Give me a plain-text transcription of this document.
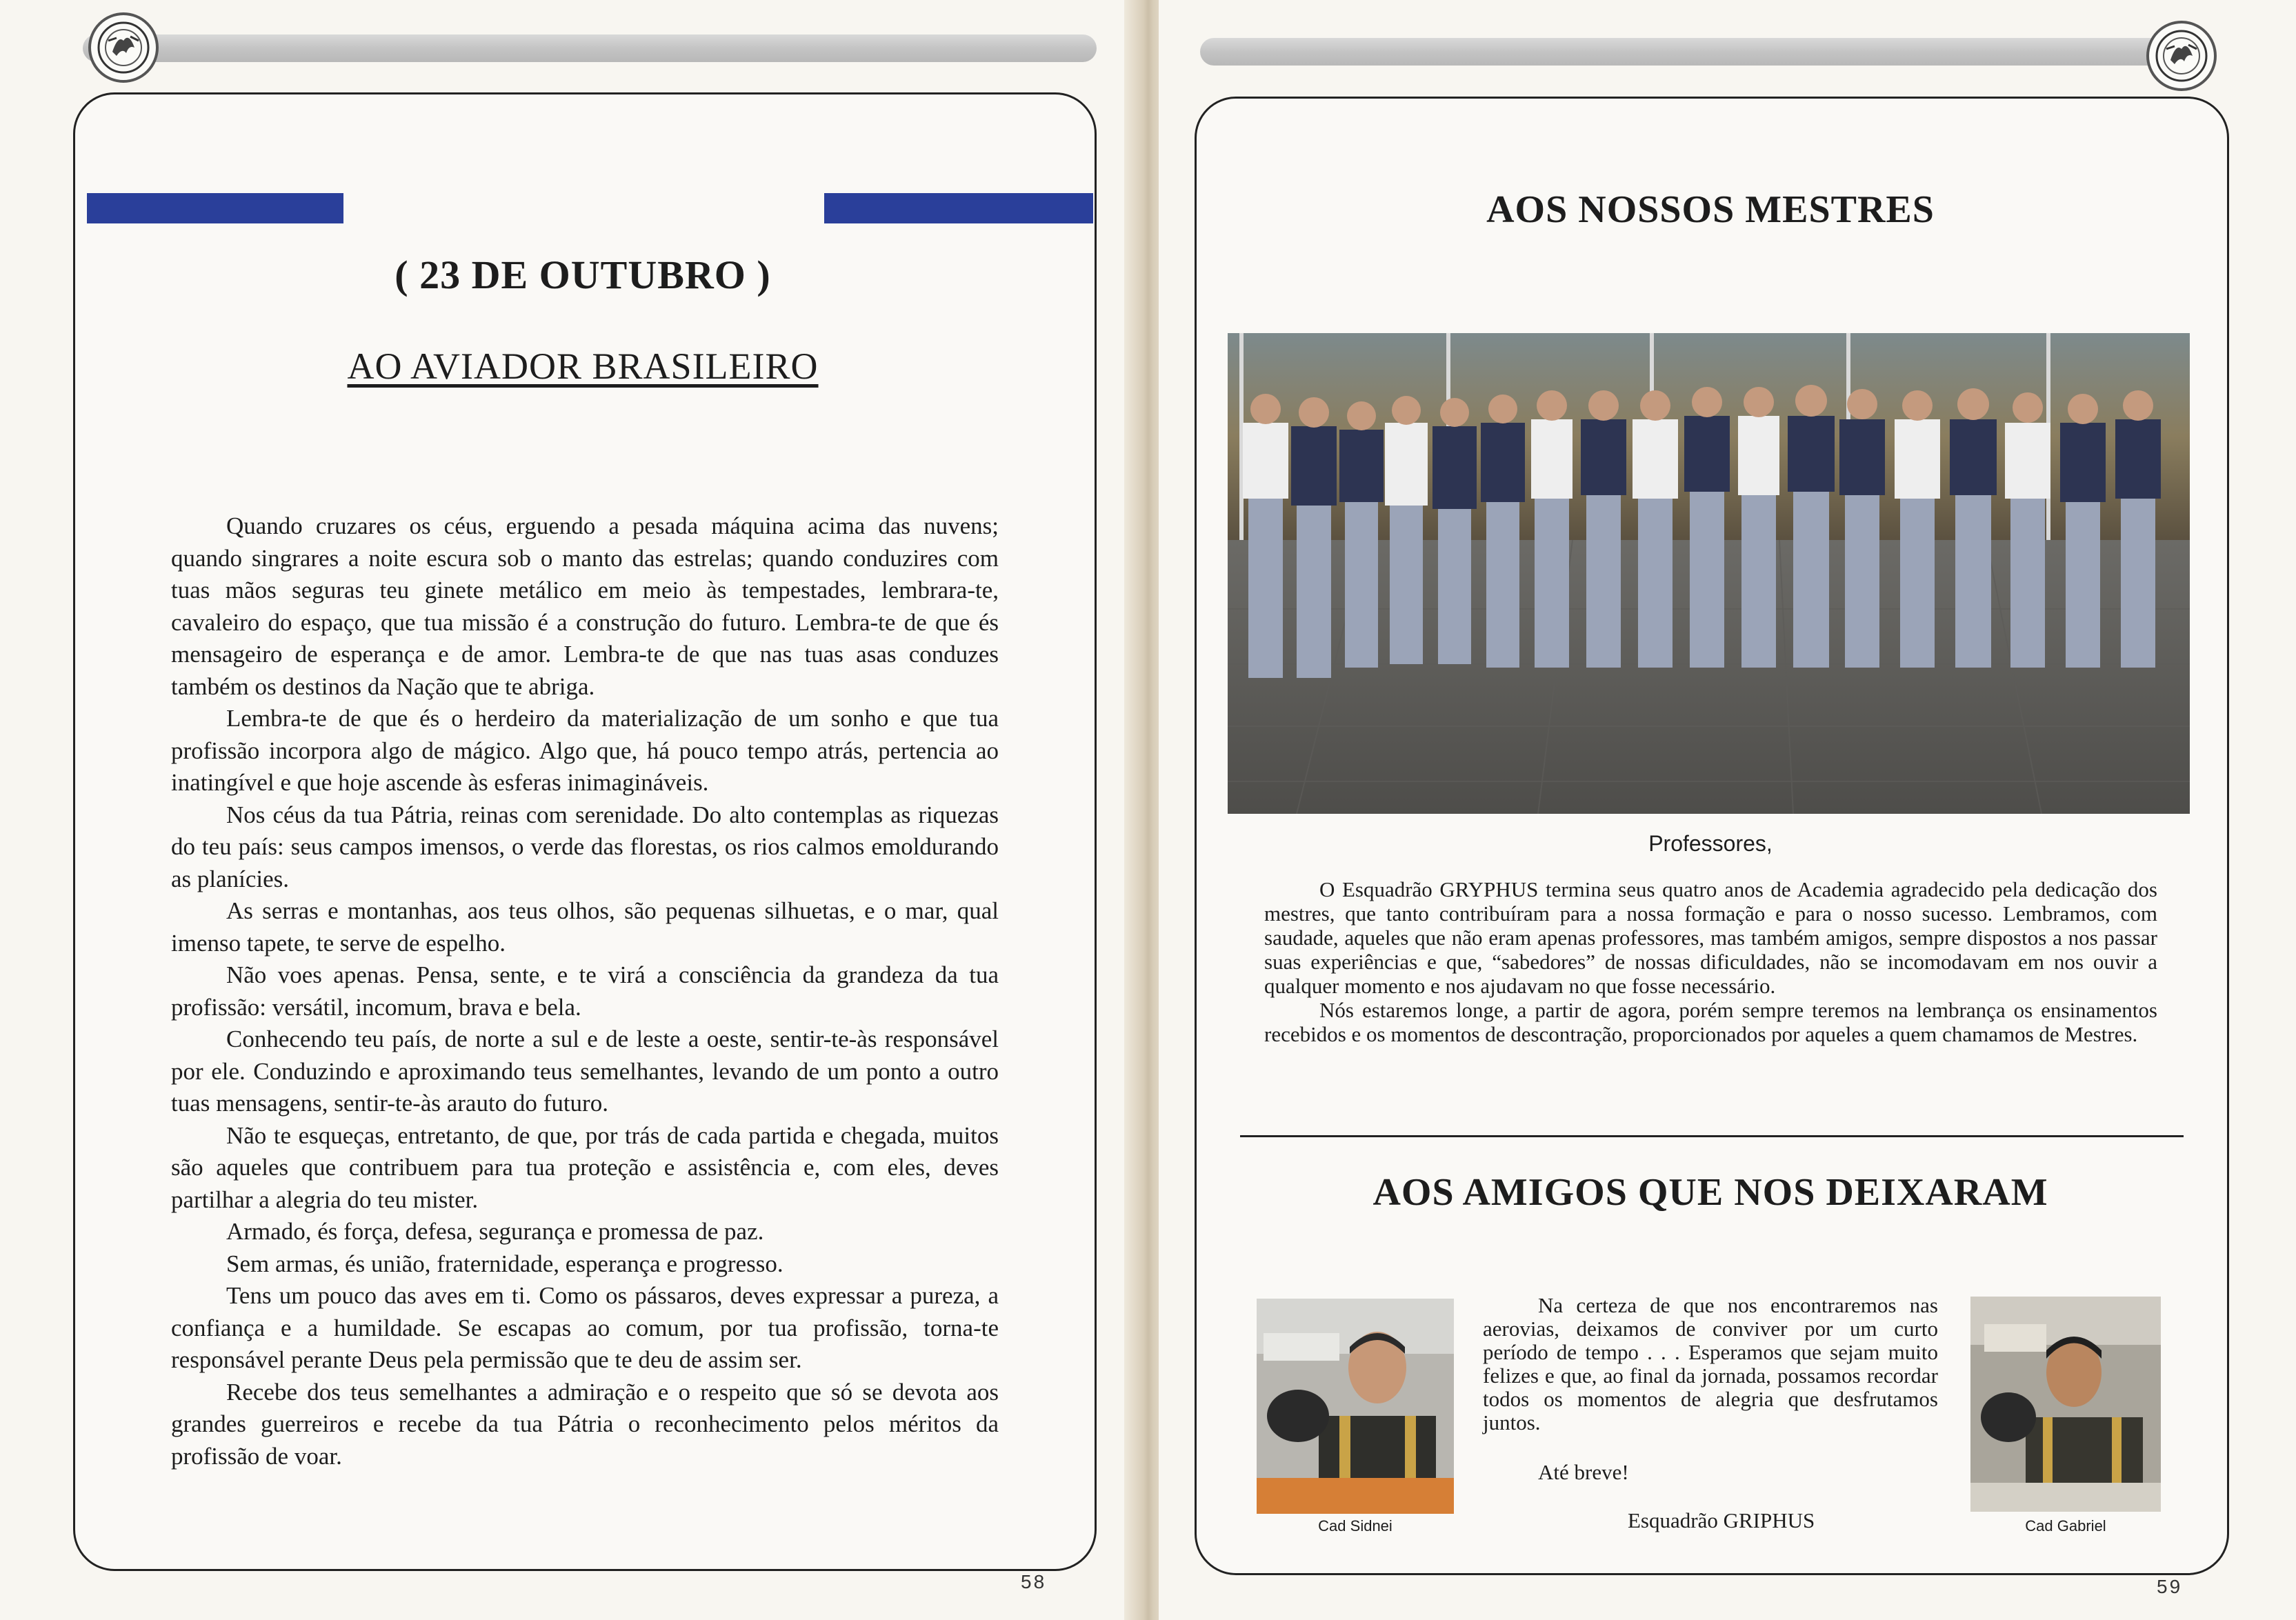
( 23 DE OUTUBRO )
AO AVIADOR BRASILEIRO

Quando cruzares os céus, erguendo a pesada máquina acima das nuvens; quando singrares a noite escura sob o manto das estrelas; quando conduzires com tuas mãos seguras teu ginete metálico em meio às tempestades, lembrara-te, cavaleiro do espaço, que tua missão é a construção do futuro. Lembra-te de que és mensageiro de esperança e de amor. Lembra-te de que nas tuas asas conduzes também os destinos da Nação que te abriga.

Lembra-te de que és o herdeiro da materialização de um sonho e que tua profissão incorpora algo de mágico. Algo que, há pouco tempo atrás, pertencia ao inatingível e que hoje ascende às esferas inimagináveis.

Nos céus da tua Pátria, reinas com serenidade. Do alto contemplas as riquezas do teu país: seus campos imensos, o verde das florestas, os rios calmos emoldurando as planícies.

As serras e montanhas, aos teus olhos, são pequenas silhuetas, e o mar, qual imenso tapete, te serve de espelho.

Não voes apenas. Pensa, sente, e te virá a consciência da grandeza da tua profissão: versátil, incomum, brava e bela.

Conhecendo teu país, de norte a sul e de leste a oeste, sentir-te-às responsável por ele. Conduzindo e aproximando teus semelhantes, levando de um ponto a outro tuas mensagens, sentir-te-às arauto do futuro.

Não te esqueças, entretanto, de que, por trás de cada partida e chegada, muitos são aqueles que contribuem para tua proteção e assistência e, com eles, deves partilhar a alegria do teu mister.

Armado, és força, defesa, segurança e promessa de paz.

Sem armas, és união, fraternidade, esperança e progresso.

Tens um pouco das aves em ti. Como os pássaros, deves expressar a pureza, a confiança e a humildade. Se escapas ao comum, por tua profissão, torna-te responsável perante Deus pela permissão que te deu de assim ser.

Recebe dos teus semelhantes a admiração e o respeito que só se devota aos grandes guerreiros e recebe da tua Pátria o reconhecimento pelos méritos da profissão de voar.

58
AOS NOSSOS MESTRES
Professores,

O Esquadrão GRYPHUS termina seus quatro anos de Academia agradecido pela dedicação dos mestres, que tanto contribuíram para a nossa formação e para o nosso sucesso. Lembramos, com saudade, aqueles que não eram apenas professores, mas também amigos, sempre dispostos a nos passar suas experiências e que, “sabedores” de nossas dificuldades, não se incomodavam em nos ouvir a qualquer momento e nos ajudavam no que fosse necessário.

Nós estaremos longe, a partir de agora, porém sempre teremos na lembrança os ensinamentos recebidos e os momentos de descontração, proporcionados por aqueles a quem chamamos de Mestres.

AOS AMIGOS QUE NOS DEIXARAM
Cad Sidnei

Na certeza de que nos encontraremos nas aerovias, deixamos de conviver por um curto período de tempo . . . Esperamos que sejam muito felizes e que, ao final da jornada, possamos recordar todos os momentos de alegria que desfrutamos juntos.

Até breve!
Esquadrão GRIPHUS	Cad Gabriel
59
